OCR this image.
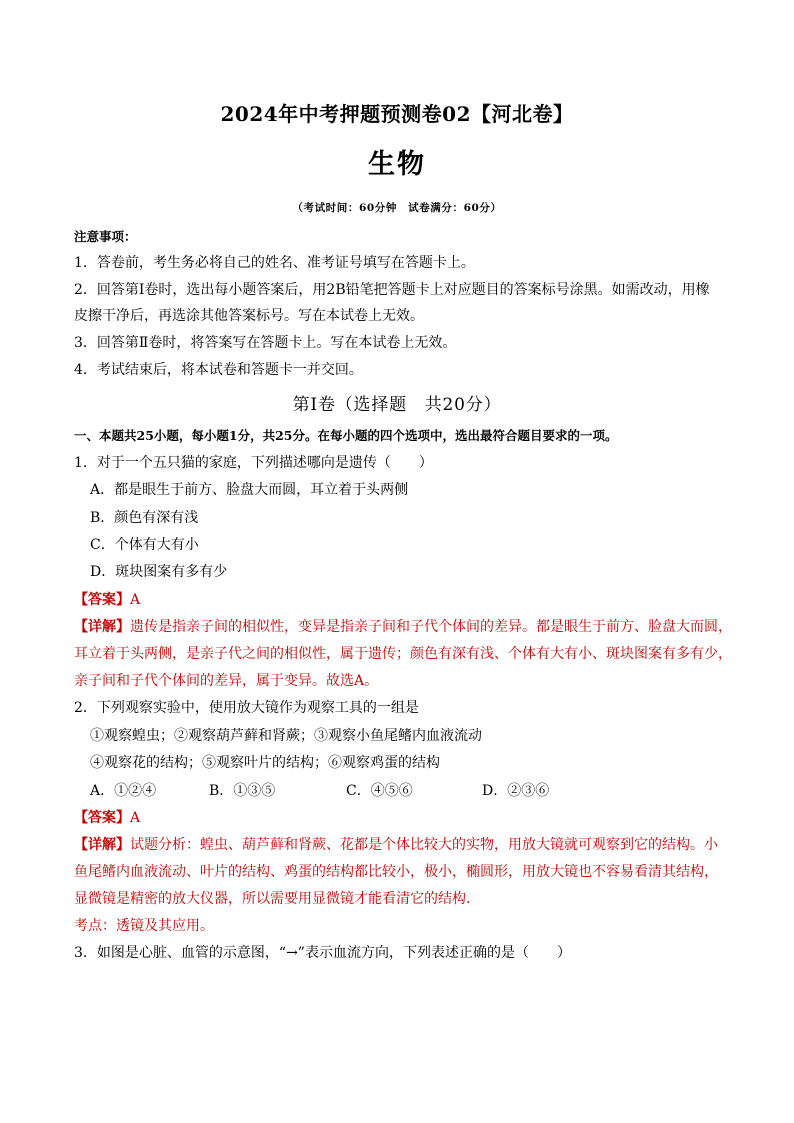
2024年中考押题预测卷02【河北卷】
生物
（考试时间：60分钟　试卷满分：60分）
注意事项：
1．答卷前，考生务必将自己的姓名、准考证号填写在答题卡上。
2．回答第Ⅰ卷时，选出每小题答案后，用2B铅笔把答题卡上对应题目的答案标号涂黑。如需改动，用橡
皮擦干净后，再选涂其他答案标号。写在本试卷上无效。
3．回答第Ⅱ卷时，将答案写在答题卡上。写在本试卷上无效。
4．考试结束后，将本试卷和答题卡一并交回。
第Ⅰ卷（选择题　共20分）
一、本题共25小题，每小题1分，共25分。在每小题的四个选项中，选出最符合题目要求的一项。
1．对于一个五只猫的家庭，下列描述哪向是遗传（　　）
A．都是眼生于前方、脸盘大而圆，耳立着于头两侧
B．颜色有深有浅
C．个体有大有小
D．斑块图案有多有少
【答案】A
【详解】遗传是指亲子间的相似性，变异是指亲子间和子代个体间的差异。都是眼生于前方、脸盘大而圆，
耳立着于头两侧，是亲子代之间的相似性，属于遗传；颜色有深有浅、个体有大有小、斑块图案有多有少，
亲子间和子代个体间的差异，属于变异。故选A。
2．下列观察实验中，使用放大镜作为观察工具的一组是
①观察蝗虫；②观察葫芦藓和肾蕨；③观察小鱼尾鳍内血液流动
④观察花的结构；⑤观察叶片的结构；⑥观察鸡蛋的结构
A．①②④	B．①③⑤	C．④⑤⑥	D．②③⑥
【答案】A
【详解】试题分析：蝗虫、葫芦藓和肾蕨、花都是个体比较大的实物，用放大镜就可观察到它的结构。小
鱼尾鳍内血液流动、叶片的结构、鸡蛋的结构都比较小，极小，椭圆形，用放大镜也不容易看清其结构，
显微镜是精密的放大仪器，所以需要用显微镜才能看清它的结构．
考点：透镜及其应用。
3．如图是心脏、血管的示意图，“→”表示血流方向，下列表述正确的是（　　）
